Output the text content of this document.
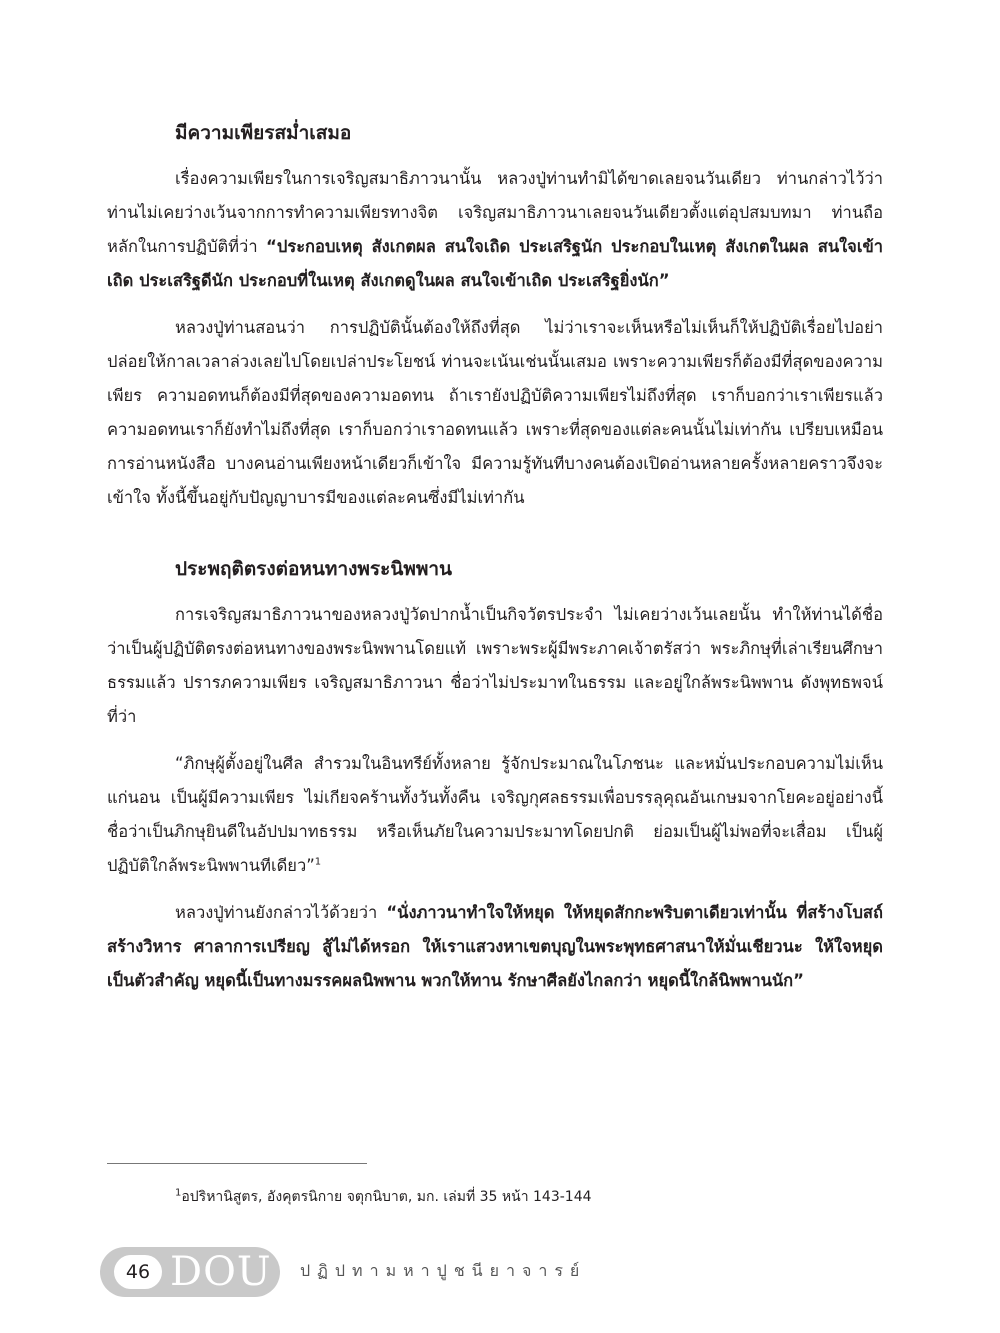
มีความเพียรสม่ำเสมอ

เรื่องความเพียรในการเจริญสมาธิภาวนานั้น หลวงปู่ท่านทำมิได้ขาดเลยจนวันเดียว ท่านกล่าวไว้ว่า ท่านไม่เคยว่างเว้นจากการทำความเพียรทางจิต เจริญสมาธิภาวนาเลยจนวันเดียวตั้งแต่อุปสมบทมา ท่านถือหลักในการปฏิบัติที่ว่า “ประกอบเหตุ สังเกตผล สนใจเถิด ประเสริฐนัก ประกอบในเหตุ สังเกตในผล สนใจเข้าเถิด ประเสริฐดีนัก ประกอบที่ในเหตุ สังเกตดูในผล สนใจเข้าเถิด ประเสริฐยิ่งนัก”

หลวงปู่ท่านสอนว่า การปฏิบัตินั้นต้องให้ถึงที่สุด ไม่ว่าเราจะเห็นหรือไม่เห็นก็ให้ปฏิบัติเรื่อยไปอย่าปล่อยให้กาลเวลาล่วงเลยไปโดยเปล่าประโยชน์ ท่านจะเน้นเช่นนั้นเสมอ เพราะความเพียรก็ต้องมีที่สุดของความเพียร ความอดทนก็ต้องมีที่สุดของความอดทน ถ้าเรายังปฏิบัติความเพียรไม่ถึงที่สุด เราก็บอกว่าเราเพียรแล้ว ความอดทนเราก็ยังทำไม่ถึงที่สุด เราก็บอกว่าเราอดทนแล้ว เพราะที่สุดของแต่ละคนนั้นไม่เท่ากัน เปรียบเหมือนการอ่านหนังสือ บางคนอ่านเพียงหน้าเดียวก็เข้าใจ มีความรู้ทันทีบางคนต้องเปิดอ่านหลายครั้งหลายคราวจึงจะเข้าใจ ทั้งนี้ขึ้นอยู่กับปัญญาบารมีของแต่ละคนซึ่งมีไม่เท่ากัน

ประพฤติตรงต่อหนทางพระนิพพาน

การเจริญสมาธิภาวนาของหลวงปู่วัดปากน้ำเป็นกิจวัตรประจำ ไม่เคยว่างเว้นเลยนั้น ทำให้ท่านได้ชื่อว่าเป็นผู้ปฏิบัติตรงต่อหนทางของพระนิพพานโดยแท้ เพราะพระผู้มีพระภาคเจ้าตรัสว่า พระภิกษุที่เล่าเรียนศึกษาธรรมแล้ว ปรารภความเพียร เจริญสมาธิภาวนา ชื่อว่าไม่ประมาทในธรรม และอยู่ใกล้พระนิพพาน ดังพุทธพจน์ที่ว่า

“ภิกษุผู้ตั้งอยู่ในศีล สำรวมในอินทรีย์ทั้งหลาย รู้จักประมาณในโภชนะ และหมั่นประกอบความไม่เห็นแก่นอน เป็นผู้มีความเพียร ไม่เกียจคร้านทั้งวันทั้งคืน เจริญกุศลธรรมเพื่อบรรลุคุณอันเกษมจากโยคะอยู่อย่างนี้ ชื่อว่าเป็นภิกษุยินดีในอัปปมาทธรรม หรือเห็นภัยในความประมาทโดยปกติ ย่อมเป็นผู้ไม่พอที่จะเสื่อม เป็นผู้ปฏิบัติใกล้พระนิพพานทีเดียว”$^1$

หลวงปู่ท่านยังกล่าวไว้ด้วยว่า “นั่งภาวนาทำใจให้หยุด ให้หยุดสักกะพริบตาเดียวเท่านั้น ที่สร้างโบสถ์ สร้างวิหาร ศาลาการเปรียญ สู้ไม่ได้หรอก ให้เราแสวงหาเขตบุญในพระพุทธศาสนาให้มั่นเชียวนะ ให้ใจหยุดเป็นตัวสำคัญ หยุดนี้เป็นทางมรรคผลนิพพาน พวกให้ทาน รักษาศีลยังไกลกว่า หยุดนี้ใกล้นิพพานนัก”

$^1$อปริหานิสูตร, อังคุตรนิกาย จตุกนิบาต, มก. เล่มที่ 35 หน้า 143-144
46 DOU ปฏิปทามหาปูชนียาจารย์
